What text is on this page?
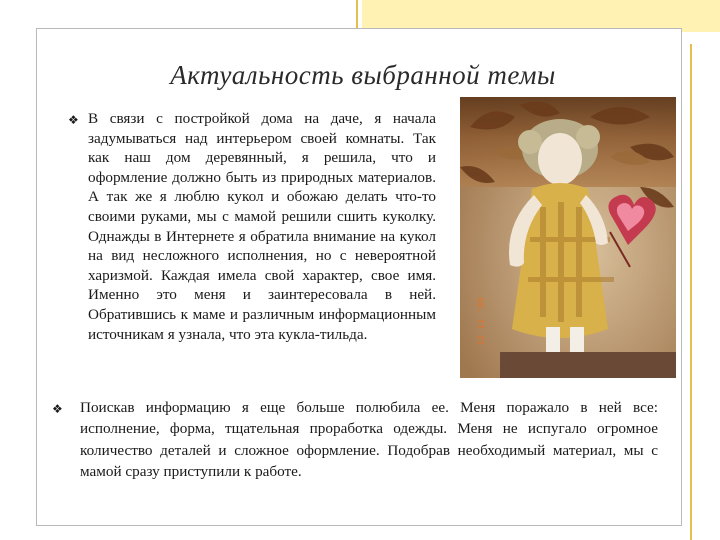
Актуальность выбранной темы
❖ В связи с постройкой дома на даче, я начала задумываться над интерьером своей комнаты. Так как наш дом деревянный, я решила, что и оформление должно быть из природных материалов. А так же я люблю кукол и обожаю делать что-то своими руками, мы с мамой решили сшить куколку. Однажды в Интернете я обратила внимание на кукол на вид несложного исполнения, но с невероятной харизмой. Каждая имела свой характер, свое имя. Именно это меня и заинтересовала в ней. Обратившись к маме и различным информационным источникам я узнала, что эта кукла-тильда.	12 11 '09
❖ Поискав информацию я еще больше полюбила ее. Меня поражало в ней все: исполнение, форма, тщательная проработка одежды. Меня не испугало огромное количество деталей и сложное оформление. Подобрав необходимый материал, мы с мамой сразу приступили к работе.
